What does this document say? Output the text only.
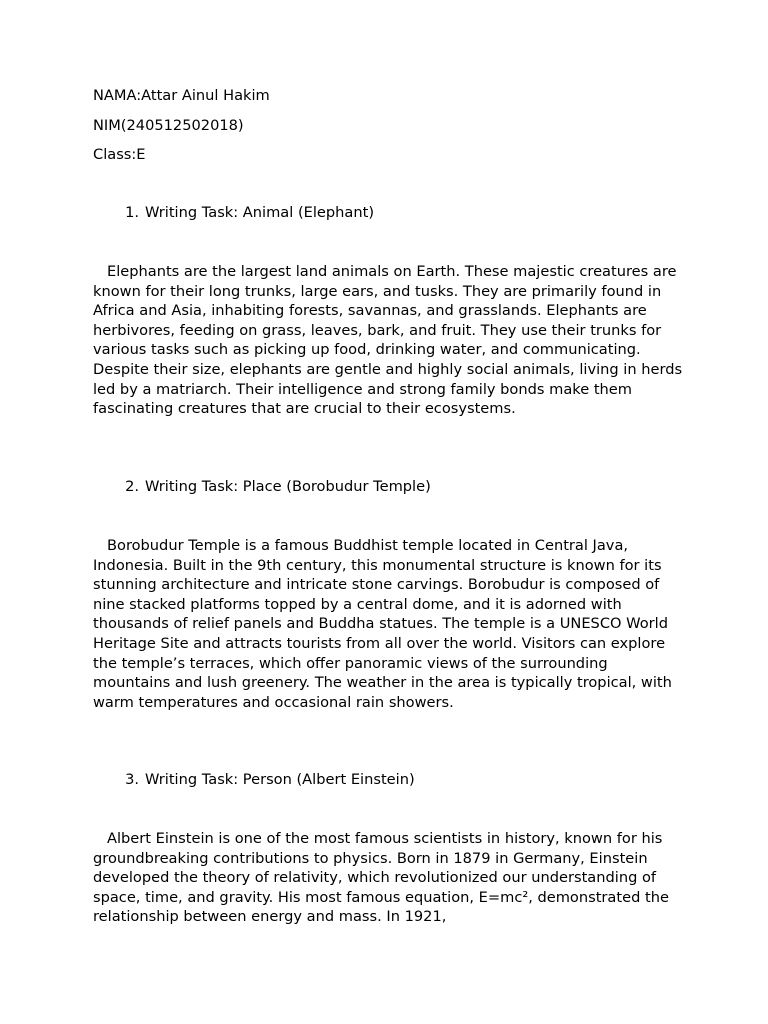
NAMA:Attar Ainul Hakim

NIM(240512502018)

Class:E

1. Writing Task: Animal (Elephant)

Elephants are the largest land animals on Earth. These majestic creatures are known for their long trunks, large ears, and tusks. They are primarily found in Africa and Asia, inhabiting forests, savannas, and grasslands. Elephants are herbivores, feeding on grass, leaves, bark, and fruit. They use their trunks for various tasks such as picking up food, drinking water, and communicating. Despite their size, elephants are gentle and highly social animals, living in herds led by a matriarch. Their intelligence and strong family bonds make them fascinating creatures that are crucial to their ecosystems.

2. Writing Task: Place (Borobudur Temple)

Borobudur Temple is a famous Buddhist temple located in Central Java, Indonesia. Built in the 9th century, this monumental structure is known for its stunning architecture and intricate stone carvings. Borobudur is composed of nine stacked platforms topped by a central dome, and it is adorned with thousands of relief panels and Buddha statues. The temple is a UNESCO World Heritage Site and attracts tourists from all over the world. Visitors can explore the temple’s terraces, which offer panoramic views of the surrounding mountains and lush greenery. The weather in the area is typically tropical, with warm temperatures and occasional rain showers.

3. Writing Task: Person (Albert Einstein)

Albert Einstein is one of the most famous scientists in history, known for his groundbreaking contributions to physics. Born in 1879 in Germany, Einstein developed the theory of relativity, which revolutionized our understanding of space, time, and gravity. His most famous equation, E=mc², demonstrated the relationship between energy and mass. In 1921,
